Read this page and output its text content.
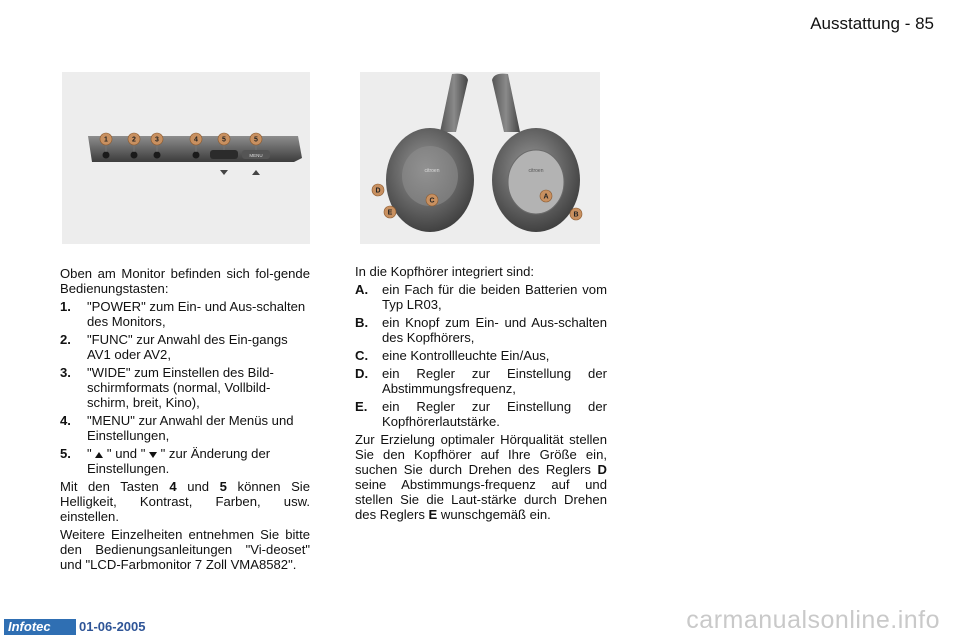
Ausstattung - 85
MENU
1	2	3	4	5	5
citroen	citroen
D
E
C
A
B

Oben am Monitor befinden sich fol-gende Bedienungstasten:

1.	"POWER" zum Ein- und Aus-schalten des Monitors,
2.	"FUNC" zur Anwahl des Ein-gangs AV1 oder AV2,
3.	"WIDE" zum Einstellen des Bild-schirmformats (normal, Vollbild-schirm, breit, Kino),
4.	"MENU" zur Anwahl der Menüs und Einstellungen,
5.	"  " und "  " zur Änderung der Einstellungen.

Mit den Tasten 4 und 5 können Sie Helligkeit, Kontrast, Farben, usw. einstellen.

Weitere Einzelheiten entnehmen Sie bitte den Bedienungsanleitungen "Vi-deoset" und "LCD-Farbmonitor 7 Zoll VMA8582".

In die Kopfhörer integriert sind:

A.	ein Fach für die beiden Batterien vom Typ LR03,
B.	ein Knopf zum Ein- und Aus-schalten des Kopfhörers,
C.	eine Kontrollleuchte Ein/Aus,
D.	ein Regler zur Einstellung der Abstimmungsfrequenz,
E.	ein Regler zur Einstellung der Kopfhörerlautstärke.

Zur Erzielung optimaler Hörqualität stellen Sie den Kopfhörer auf Ihre Größe ein, suchen Sie durch Drehen des Reglers D seine Abstimmungs-frequenz auf und stellen Sie die Laut-stärke durch Drehen des Reglers E wunschgemäß ein.

Infotec	01-06-2005	carmanualsonline.info
